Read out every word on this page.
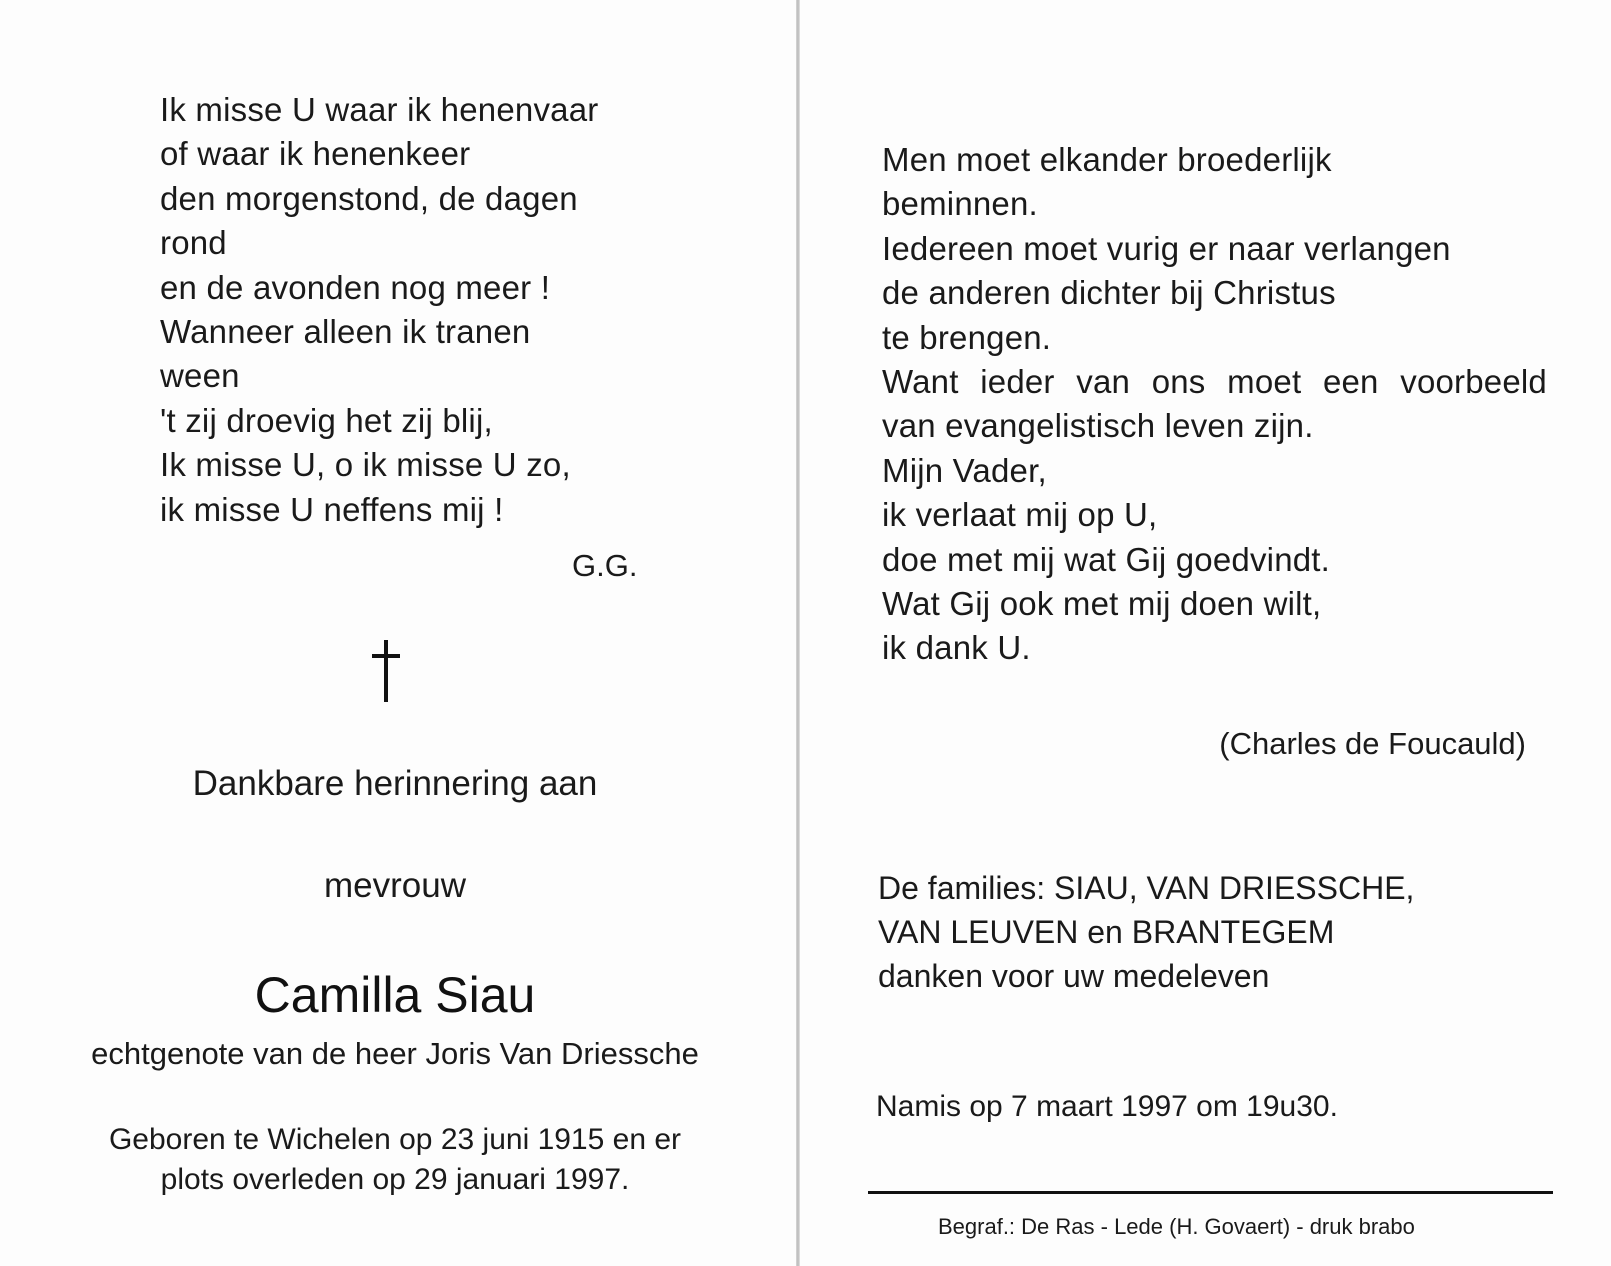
Ik misse U waar ik henenvaar
of waar ik henenkeer
den morgenstond, de dagen
rond
en de avonden nog meer !
Wanneer alleen ik tranen
ween
't zij droevig het zij blij,
Ik misse U, o ik misse U zo,
ik misse U neffens mij !
G.G.
Dankbare herinnering aan
mevrouw
Camilla Siau
echtgenote van de heer Joris Van Driessche
Geboren te Wichelen op 23 juni 1915 en er
plots overleden op 29 januari 1997.
Men moet elkander broederlijk
beminnen.
Iedereen moet vurig er naar verlangen
de anderen dichter bij Christus
te brengen.
Want ieder van ons moet een voorbeeld
van evangelistisch leven zijn.
Mijn Vader,
ik verlaat mij op U,
doe met mij wat Gij goedvindt.
Wat Gij ook met mij doen wilt,
ik dank U.
(Charles de Foucauld)
De families: SIAU, VAN DRIESSCHE,
VAN LEUVEN en BRANTEGEM
danken voor uw medeleven
Namis op 7 maart 1997 om 19u30.
Begraf.: De Ras - Lede (H. Govaert) - druk brabo
